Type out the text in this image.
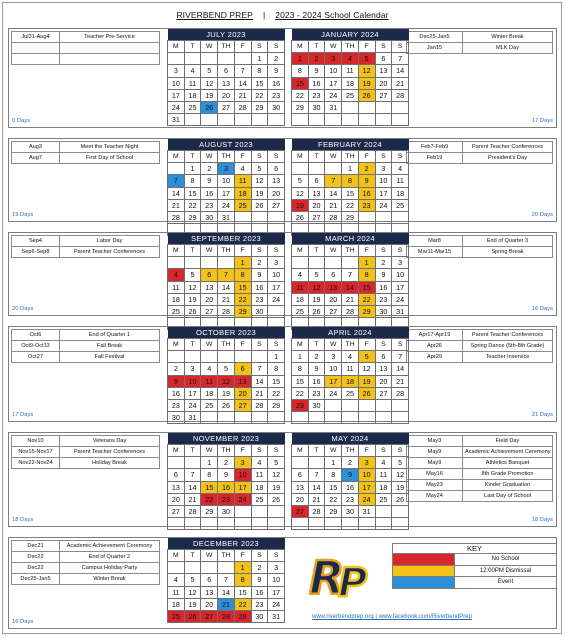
RIVERBEND PREP | 2023 - 2024 School Calendar
Jul31-Aug4	Teacher Pre-Service

0 Days
JULY 2023						
M	T	W	TH	F	S	S
					1	2
3	4	5	6	7	8	9
10	11	12	13	14	15	16
17	18	19	20	21	22	23
24	25	26	27	28	29	30
31						
Dec25-Jan5	Winter Break
Jan15	MLK Day
17 Days
JANUARY 2024						
M	T	W	TH	F	S	S
1	2	3	4	5	6	7
8	9	10	11	12	13	14
15	16	17	18	19	20	21
22	23	24	25	26	27	28
29	30	31				

Aug3	Meet the Teacher Night
Aug7	First Day of School
19 Days
AUGUST 2023						
M	T	W	TH	F	S	S
	1	2	3	4	5	6
7	8	9	10	11	12	13
14	15	16	17	18	19	20
21	22	23	24	25	26	27
28	29	30	31			

Feb7-Feb9	Parent Teacher Conferences
Feb19	President's Day
20 Days
FEBRUARY 2024						
M	T	W	TH	F	S	S
			1	2	3	4
5	6	7	8	9	10	11
12	13	14	15	16	17	18
19	20	21	22	23	24	25
26	27	28	29			

Sep4	Labor Day
Sep6-Sep8	Parent Teacher Conferences
20 Days
SEPTEMBER 2023						
M	T	W	TH	F	S	S
				1	2	3
4	5	6	7	8	9	10
11	12	13	14	15	16	17
18	19	20	21	22	23	24
25	26	27	28	29	30	

Mar8	End of Quarter 3
Mar11-Mar15	Spring Break
16 Days
MARCH 2024						
M	T	W	TH	F	S	S
				1	2	3
4	5	6	7	8	9	10
11	12	13	14	15	16	17
18	19	20	21	22	23	24
25	26	27	28	29	30	31

Oct6	End of Quarter 1
Oct9-Oct13	Fall Break
Oct27	Fall Festival
17 Days
OCTOBER 2023						
M	T	W	TH	F	S	S
						1
2	3	4	5	6	7	8
9	10	11	12	13	14	15
16	17	18	19	20	21	22
23	24	25	26	27	28	29
30	31					
Apr17-Apr19	Parent Teacher Conferences
Apr26	Spring Dance (5th-8th Grade)
Apr29	Teacher Inservice
21 Days
APRIL 2024						
M	T	W	TH	F	S	S
1	2	3	4	5	6	7
8	9	10	11	12	13	14
15	16	17	18	19	20	21
22	23	24	25	26	27	28
29	30					

Nov10	Veterans Day
Nov15-Nov17	Parent Teacher Conferences
Nov22-Nov24	Holiday Break
18 Days
NOVEMBER 2023						
M	T	W	TH	F	S	S
		1	2	3	4	5
6	7	8	9	10	11	12
13	14	15	16	17	18	19
20	21	22	23	24	25	26
27	28	29	30			

May3	Field Day
May9	Academic Achievement Ceremony
May9	Athletics Banquet
May16	8th Grade Promotion
May23	Kinder Graduation
May24	Last Day of School
18 Days
MAY 2024						
M	T	W	TH	F	S	S
		1	2	3	4	5
6	7	8	9	10	11	12
13	14	15	16	17	18	19
20	21	22	23	24	25	26
27	28	29	30	31		

Dec21	Academic Achievement Ceremony
Dec22	End of Quarter 2
Dec22	Campus Holiday Party
Dec25-Jan5	Winter Break
16 Days
DECEMBER 2023						
M	T	W	TH	F	S	S
				1	2	3
4	5	6	7	8	9	10
11	12	13	14	15	16	17
18	19	20	21	22	23	24
25	26	27	28	29	30	31
R
P
www.riverbendprep.org | www.facebook.com/RiverbendPrep
KEY	
	No School
	12:00PM Dismissal
	Event
